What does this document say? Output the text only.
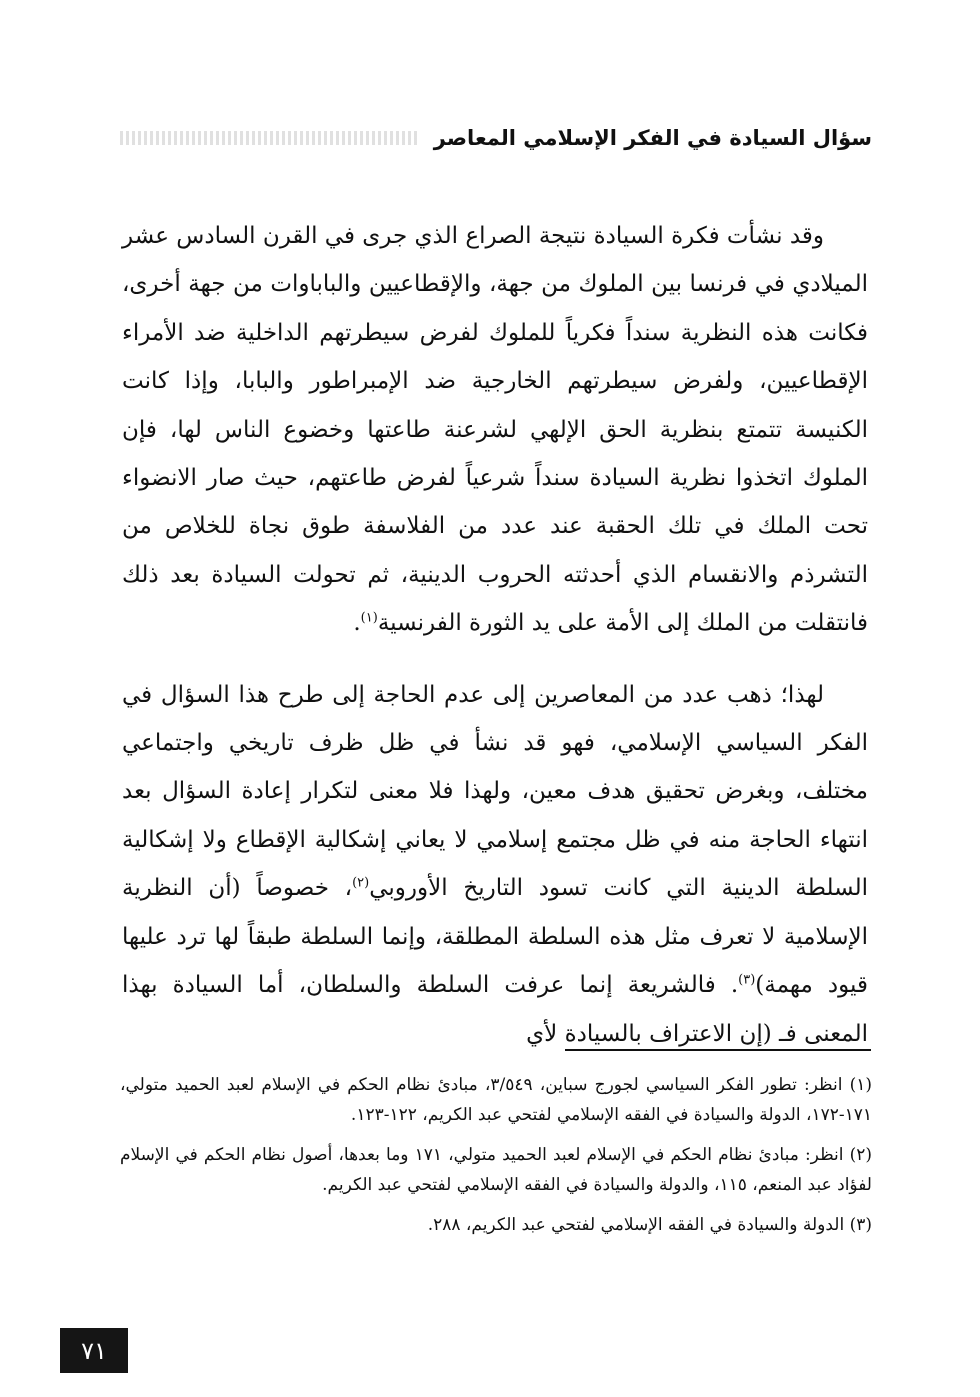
سؤال السيادة في الفكر الإسلامي المعاصر

وقد نشأت فكرة السيادة نتيجة الصراع الذي جرى في القرن السادس عشر الميلادي في فرنسا بين الملوك من جهة، والإقطاعيين والباباوات من جهة أخرى، فكانت هذه النظرية سنداً فكرياً للملوك لفرض سيطرتهم الداخلية ضد الأمراء الإقطاعيين، ولفرض سيطرتهم الخارجية ضد الإمبراطور والبابا، وإذا كانت الكنيسة تتمتع بنظرية الحق الإلهي لشرعنة طاعتها وخضوع الناس لها، فإن الملوك اتخذوا نظرية السيادة سنداً شرعياً لفرض طاعتهم، حيث صار الانضواء تحت الملك في تلك الحقبة عند عدد من الفلاسفة طوق نجاة للخلاص من التشرذم والانقسام الذي أحدثته الحروب الدينية، ثم تحولت السيادة بعد ذلك فانتقلت من الملك إلى الأمة على يد الثورة الفرنسية$^{(١)}$.

لهذا؛ ذهب عدد من المعاصرين إلى عدم الحاجة إلى طرح هذا السؤال في الفكر السياسي الإسلامي، فهو قد نشأ في ظل ظرف تاريخي واجتماعي مختلف، وبغرض تحقيق هدف معين، ولهذا فلا معنى لتكرار إعادة السؤال بعد انتهاء الحاجة منه في ظل مجتمع إسلامي لا يعاني إشكالية الإقطاع ولا إشكالية السلطة الدينية التي كانت تسود التاريخ الأوروبي$^{(٢)}$، خصوصاً (أن النظرية الإسلامية لا تعرف مثل هذه السلطة المطلقة، وإنما السلطة طبقاً لها ترد عليها قيود مهمة)$^{(٣)}$. فالشريعة إنما عرفت السلطة والسلطان، أما السيادة بهذا المعنى فـ (إن الاعتراف بالسيادة لأي

(١) انظر: تطور الفكر السياسي لجورج سباين، ٣/٥٤٩، مبادئ نظام الحكم في الإسلام لعبد الحميد متولي، ١٧١-١٧٢، الدولة والسيادة في الفقه الإسلامي لفتحي عبد الكريم، ١٢٢-١٢٣.

(٢) انظر: مبادئ نظام الحكم في الإسلام لعبد الحميد متولي، ١٧١ وما بعدها، أصول نظام الحكم في الإسلام لفؤاد عبد المنعم، ١١٥، والدولة والسيادة في الفقه الإسلامي لفتحي عبد الكريم.

(٣) الدولة والسيادة في الفقه الإسلامي لفتحي عبد الكريم، ٢٨٨.

٧١
